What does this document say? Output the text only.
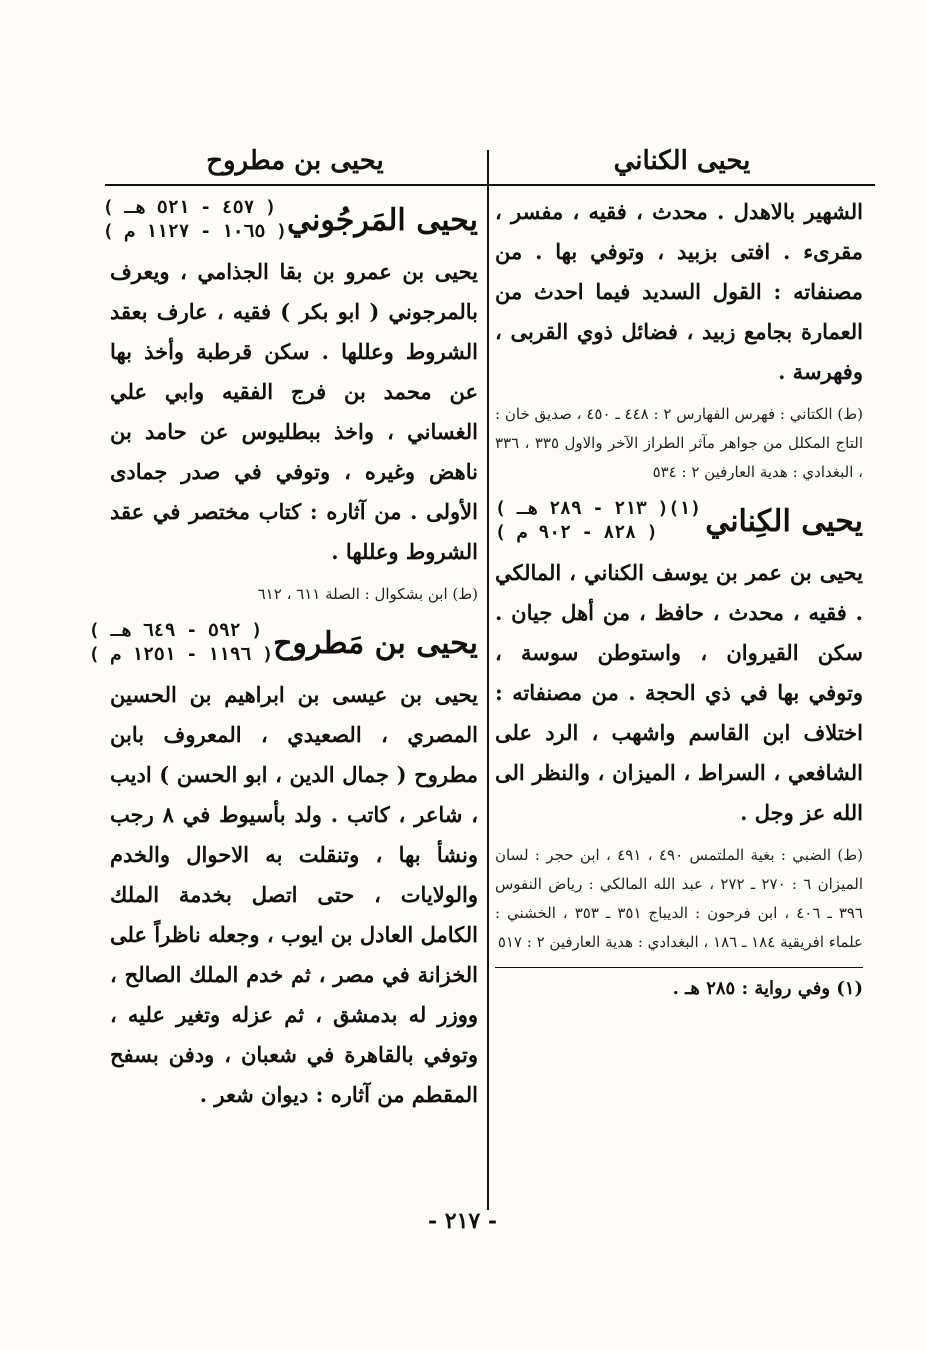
يحيى الكناني
يحيى بن مطروح

الشهير بالاهدل . محدث ، فقيه ، مفسر ، مقرىء . افتى بزبيد ، وتوفي بها . من مصنفاته : القول السديد فيما احدث من العمارة بجامع زبيد ، فضائل ذوي القربى ، وفهرسة .

(ط) الكتاني : فهرس الفهارس ٢ : ٤٤٨ ـ ٤٥٠ ، صديق خان : التاج المكلل من جواهر مآثر الطراز الآخر والاول ٣٣٥ ، ٣٣٦ ، البغدادي : هدية العارفين ٢ : ٥٣٤

يحيى الكِناني
( ٢١٣ - ٢٨٩ هـ )(١)
( ٨٢٨ - ٩٠٢ م )

يحيى بن عمر بن يوسف الكناني ، المالكي . فقيه ، محدث ، حافظ ، من أهل جيان . سكن القيروان ، واستوطن سوسة ، وتوفي بها في ذي الحجة . من مصنفاته : اختلاف ابن القاسم واشهب ، الرد على الشافعي ، السراط ، الميزان ، والنظر الى الله عز وجل .

(ط) الضبي : بغية الملتمس ٤٩٠ ، ٤٩١ ، ابن حجر : لسان الميزان ٦ : ٢٧٠ ـ ٢٧٢ ، عبد الله المالكي : رياض النفوس ٣٩٦ ـ ٤٠٦ ، ابن فرحون : الديباج ٣٥١ ـ ٣٥٣ ، الخشني : علماء افريقية ١٨٤ ـ ١٨٦ ، البغدادي : هدية العارفين ٢ : ٥١٧

(١) وفي رواية : ٢٨٥ هـ .

يحيى المَرجُوني
( ٤٥٧ - ٥٢١ هـ )
( ١٠٦٥ - ١١٢٧ م )

يحيى بن عمرو بن بقا الجذامي ، ويعرف بالمرجوني ( ابو بكر ) فقيه ، عارف بعقد الشروط وعللها . سكن قرطبة وأخذ بها عن محمد بن فرج الفقيه وابي علي الغساني ، واخذ ببطليوس عن حامد بن ناهض وغيره ، وتوفي في صدر جمادى الأولى . من آثاره : كتاب مختصر في عقد الشروط وعللها .

(ط) ابن بشكوال : الصلة ٦١١ ، ٦١٢

يحيى بن مَطروح
( ٥٩٢ - ٦٤٩ هـ )
( ١١٩٦ - ١٢٥١ م )

يحيى بن عيسى بن ابراهيم بن الحسين المصري ، الصعيدي ، المعروف بابن مطروح ( جمال الدين ، ابو الحسن ) اديب ، شاعر ، كاتب . ولد بأسيوط في ٨ رجب ونشأ بها ، وتنقلت به الاحوال والخدم والولايات ، حتى اتصل بخدمة الملك الكامل العادل بن ايوب ، وجعله ناظراً على الخزانة في مصر ، ثم خدم الملك الصالح ، ووزر له بدمشق ، ثم عزله وتغير عليه ، وتوفي بالقاهرة في شعبان ، ودفن بسفح المقطم من آثاره : ديوان شعر .

- ٢١٧ -
